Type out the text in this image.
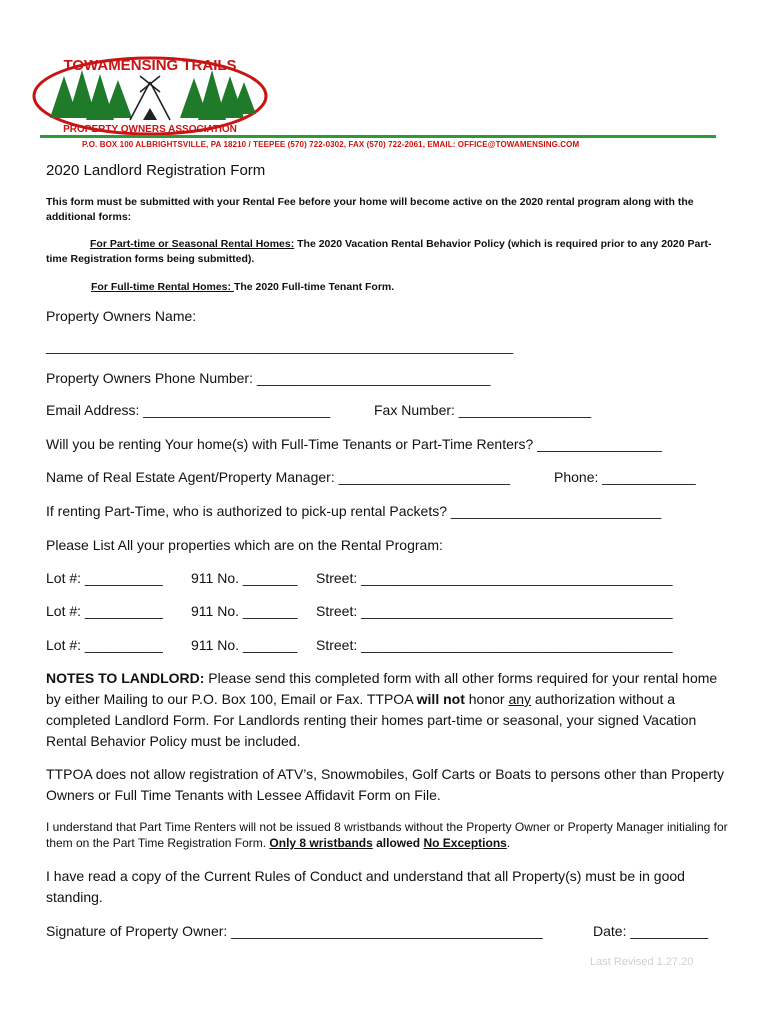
TOWAMENSING TRAILS
PROPERTY OWNERS ASSOCIATION
P.O. BOX 100 ALBRIGHTSVILLE, PA 18210 / TEEPEE (570) 722-0302, FAX (570) 722-2061, EMAIL: OFFICE@TOWAMENSING.COM
2020 Landlord Registration Form
This form must be submitted with your Rental Fee before your home will become active on the 2020 rental program along with the additional forms:
For Part-time or Seasonal Rental Homes: The 2020 Vacation Rental Behavior Policy (which is required prior to any 2020 Part-time Registration forms being submitted).
For Full-time Rental Homes: The 2020 Full-time Tenant Form.
Property Owners Name:
____________________________________________________________
Property Owners Phone Number: ______________________________
Email Address: ________________________	Fax Number: _________________
Will you be renting Your home(s) with Full-Time Tenants or Part-Time Renters? ________________
Name of Real Estate Agent/Property Manager: ______________________	Phone: ____________
If renting Part-Time, who is authorized to pick-up rental Packets? ___________________________
Please List All your properties which are on the Rental Program:
Lot #: __________ 911 No. _______ Street: ________________________________________
Lot #: __________ 911 No. _______ Street: ________________________________________
Lot #: __________ 911 No. _______ Street: ________________________________________
NOTES TO LANDLORD: Please send this completed form with all other forms required for your rental home by either Mailing to our P.O. Box 100, Email or Fax. TTPOA will not honor any authorization without a completed Landlord Form. For Landlords renting their homes part-time or seasonal, your signed Vacation Rental Behavior Policy must be included.
TTPOA does not allow registration of ATV’s, Snowmobiles, Golf Carts or Boats to persons other than Property Owners or Full Time Tenants with Lessee Affidavit Form on File.
I understand that Part Time Renters will not be issued 8 wristbands without the Property Owner or Property Manager initialing for them on the Part Time Registration Form. Only 8 wristbands allowed No Exceptions.
I have read a copy of the Current Rules of Conduct and understand that all Property(s) must be in good standing.
Signature of Property Owner: ________________________________________	Date: __________
Last Revised 1.27.20
